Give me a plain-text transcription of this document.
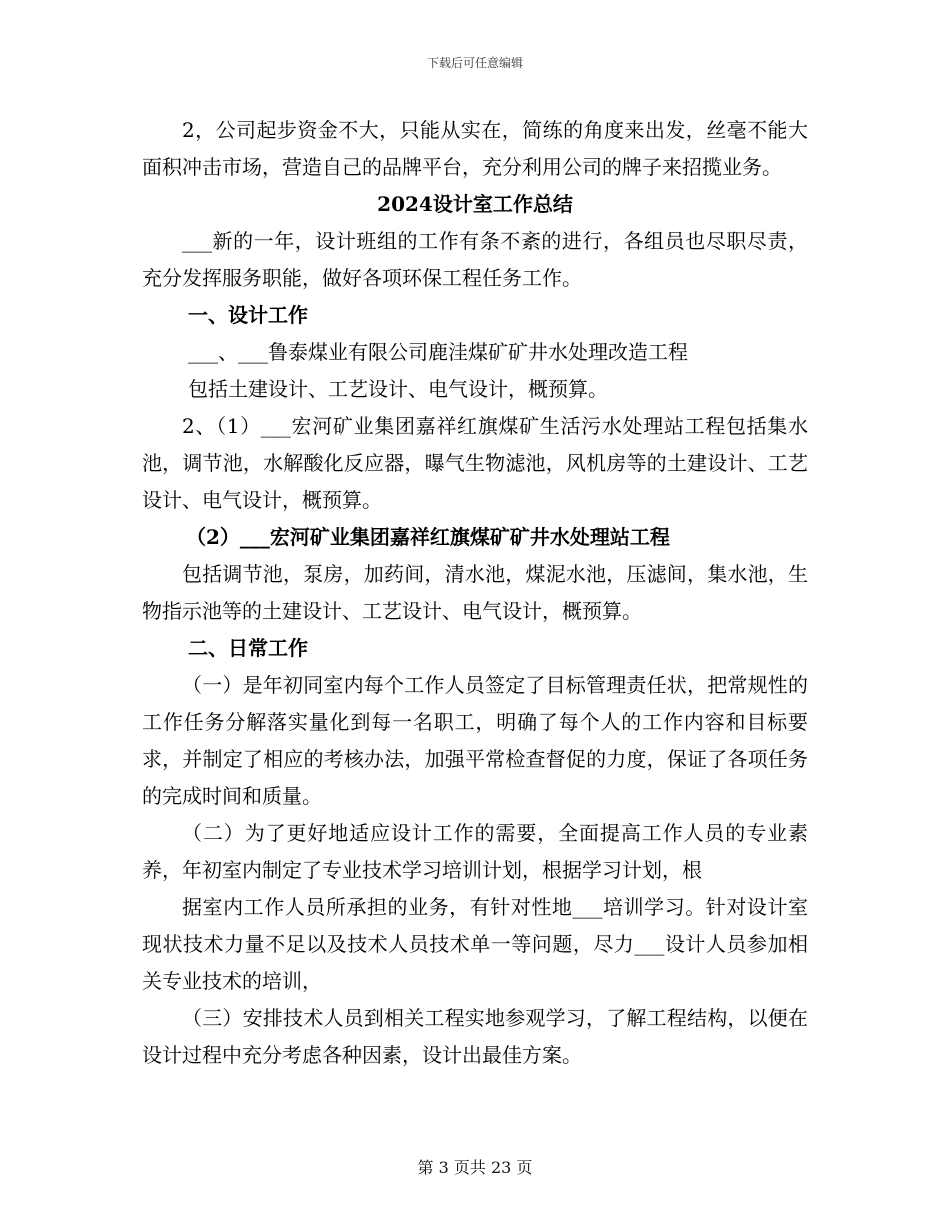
下载后可任意编辑

2，公司起步资金不大，只能从实在，简练的角度来出发，丝毫不能大面积冲击市场，营造自己的品牌平台，充分利用公司的牌子来招揽业务。

2024设计室工作总结

___新的一年，设计班组的工作有条不紊的进行，各组员也尽职尽责，充分发挥服务职能，做好各项环保工程任务工作。

一、设计工作

___、___鲁泰煤业有限公司鹿洼煤矿矿井水处理改造工程

包括土建设计、工艺设计、电气设计，概预算。

2、（1）___宏河矿业集团嘉祥红旗煤矿生活污水处理站工程包括集水池，调节池，水解酸化反应器，曝气生物滤池，风机房等的土建设计、工艺设计、电气设计，概预算。

（2）___宏河矿业集团嘉祥红旗煤矿矿井水处理站工程

包括调节池，泵房，加药间，清水池，煤泥水池，压滤间，集水池，生物指示池等的土建设计、工艺设计、电气设计，概预算。

二、日常工作

（一）是年初同室内每个工作人员签定了目标管理责任状，把常规性的工作任务分解落实量化到每一名职工，明确了每个人的工作内容和目标要求，并制定了相应的考核办法，加强平常检查督促的力度，保证了各项任务的完成时间和质量。

（二）为了更好地适应设计工作的需要，全面提高工作人员的专业素养，年初室内制定了专业技术学习培训计划，根据学习计划，根

据室内工作人员所承担的业务，有针对性地___培训学习。针对设计室现状技术力量不足以及技术人员技术单一等问题，尽力___设计人员参加相关专业技术的培训，

（三）安排技术人员到相关工程实地参观学习，了解工程结构，以便在设计过程中充分考虑各种因素，设计出最佳方案。

第 3 页共 23 页
